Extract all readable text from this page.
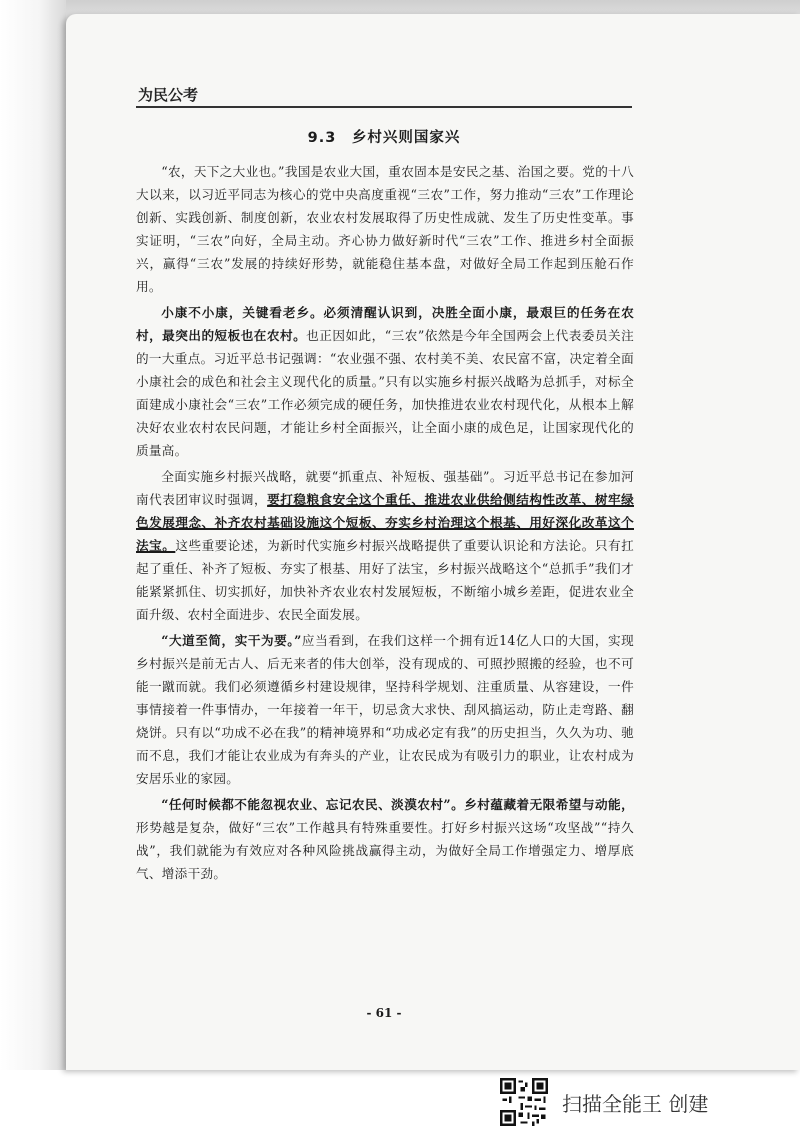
为民公考
9.3　乡村兴则国家兴

“农，天下之大业也。”我国是农业大国，重农固本是安民之基、治国之要。党的十八大以来，以习近平同志为核心的党中央高度重视“三农”工作，努力推动“三农”工作理论创新、实践创新、制度创新，农业农村发展取得了历史性成就、发生了历史性变革。事实证明，“三农”向好，全局主动。齐心协力做好新时代“三农”工作、推进乡村全面振兴，赢得“三农”发展的持续好形势，就能稳住基本盘，对做好全局工作起到压舱石作用。

小康不小康，关键看老乡。必须清醒认识到，决胜全面小康，最艰巨的任务在农村，最突出的短板也在农村。也正因如此，“三农”依然是今年全国两会上代表委员关注的一大重点。习近平总书记强调：“农业强不强、农村美不美、农民富不富，决定着全面小康社会的成色和社会主义现代化的质量。”只有以实施乡村振兴战略为总抓手，对标全面建成小康社会“三农”工作必须完成的硬任务，加快推进农业农村现代化，从根本上解决好农业农村农民问题，才能让乡村全面振兴，让全面小康的成色足，让国家现代化的质量高。

全面实施乡村振兴战略，就要“抓重点、补短板、强基础”。习近平总书记在参加河南代表团审议时强调，要打稳粮食安全这个重任、推进农业供给侧结构性改革、树牢绿色发展理念、补齐农村基础设施这个短板、夯实乡村治理这个根基、用好深化改革这个法宝。这些重要论述，为新时代实施乡村振兴战略提供了重要认识论和方法论。只有扛起了重任、补齐了短板、夯实了根基、用好了法宝，乡村振兴战略这个“总抓手”我们才能紧紧抓住、切实抓好，加快补齐农业农村发展短板，不断缩小城乡差距，促进农业全面升级、农村全面进步、农民全面发展。

“大道至简，实干为要。”应当看到，在我们这样一个拥有近14亿人口的大国，实现乡村振兴是前无古人、后无来者的伟大创举，没有现成的、可照抄照搬的经验，也不可能一蹴而就。我们必须遵循乡村建设规律，坚持科学规划、注重质量、从容建设，一件事情接着一件事情办，一年接着一年干，切忌贪大求快、刮风搞运动，防止走弯路、翻烧饼。只有以“功成不必在我”的精神境界和“功成必定有我”的历史担当，久久为功、驰而不息，我们才能让农业成为有奔头的产业，让农民成为有吸引力的职业，让农村成为安居乐业的家园。

“任何时候都不能忽视农业、忘记农民、淡漠农村”。乡村蕴藏着无限希望与动能，形势越是复杂，做好“三农”工作越具有特殊重要性。打好乡村振兴这场“攻坚战”“持久战”，我们就能为有效应对各种风险挑战赢得主动，为做好全局工作增强定力、增厚底气、增添干劲。

- 61 -
扫描全能王 创建
